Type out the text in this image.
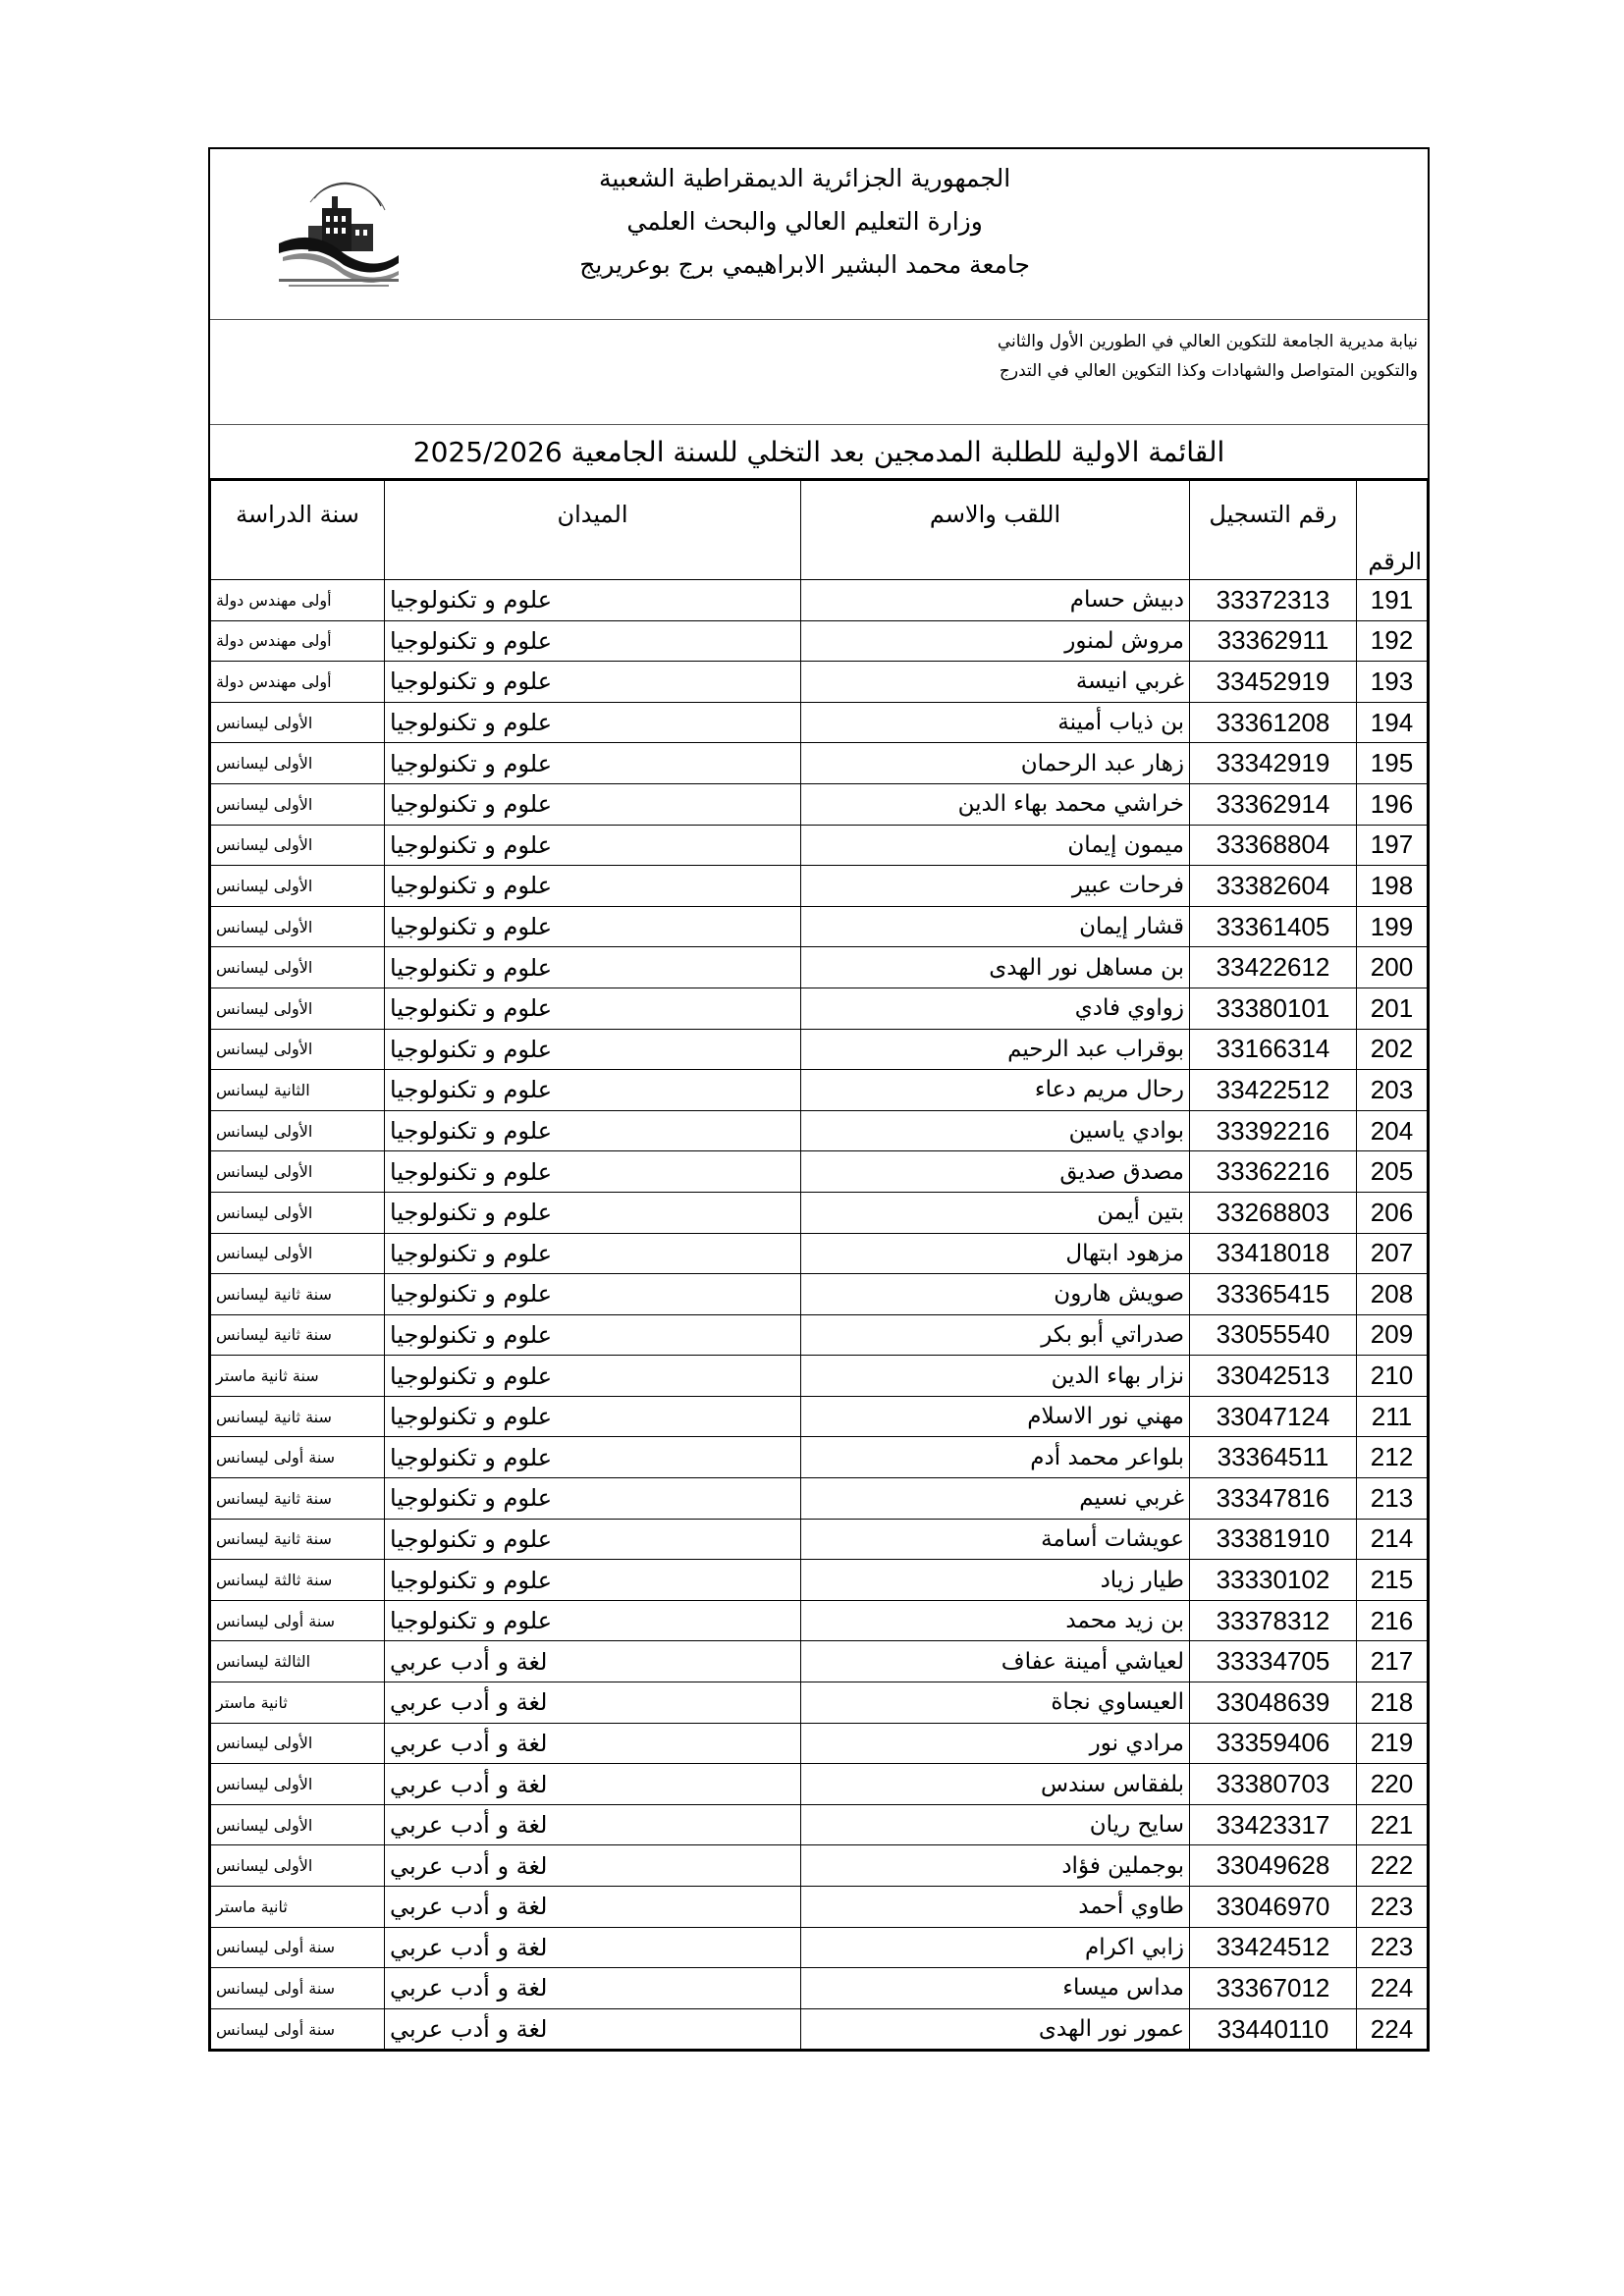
الجمهورية الجزائرية الديمقراطية الشعبية
وزارة التعليم العالي والبحث العلمي
جامعة محمد البشير الابراهيمي برج بوعريريج
نيابة مديرية الجامعة للتكوين العالي في الطورين الأول والثاني
والتكوين المتواصل والشهادات وكذا التكوين العالي في التدرج
القائمة الاولية للطلبة المدمجين بعد التخلي للسنة الجامعية 2025/2026
الرقم	رقم التسجيل	اللقب والاسم	الميدان	سنة الدراسة
191	33372313	دبيش حسام	علوم و تكنولوجيا	أولى مهندس دولة
192	33362911	مروش لمنور	علوم و تكنولوجيا	أولى مهندس دولة
193	33452919	غربي انيسة	علوم و تكنولوجيا	أولى مهندس دولة
194	33361208	بن ذياب أمينة	علوم و تكنولوجيا	الأولى ليسانس
195	33342919	زهار عبد الرحمان	علوم و تكنولوجيا	الأولى ليسانس
196	33362914	خراشي محمد بهاء الدين	علوم و تكنولوجيا	الأولى ليسانس
197	33368804	ميمون إيمان	علوم و تكنولوجيا	الأولى ليسانس
198	33382604	فرحات عبير	علوم و تكنولوجيا	الأولى ليسانس
199	33361405	قشار إيمان	علوم و تكنولوجيا	الأولى ليسانس
200	33422612	بن مساهل نور الهدى	علوم و تكنولوجيا	الأولى ليسانس
201	33380101	زواوي فادي	علوم و تكنولوجيا	الأولى ليسانس
202	33166314	بوقراب عبد الرحيم	علوم و تكنولوجيا	الأولى ليسانس
203	33422512	رحال مريم دعاء	علوم و تكنولوجيا	الثانية ليسانس
204	33392216	بوادي ياسين	علوم و تكنولوجيا	الأولى ليسانس
205	33362216	مصدق صديق	علوم و تكنولوجيا	الأولى ليسانس
206	33268803	بتين أيمن	علوم و تكنولوجيا	الأولى ليسانس
207	33418018	مزهود ابتهال	علوم و تكنولوجيا	الأولى ليسانس
208	33365415	صويش هارون	علوم و تكنولوجيا	سنة ثانية ليسانس
209	33055540	صدراتي أبو بكر	علوم و تكنولوجيا	سنة ثانية ليسانس
210	33042513	نزار بهاء الدين	علوم و تكنولوجيا	سنة ثانية ماستر
211	33047124	مهني نور الاسلام	علوم و تكنولوجيا	سنة ثانية ليسانس
212	33364511	بلواعر محمد أدم	علوم و تكنولوجيا	سنة أولى ليسانس
213	33347816	غربي نسيم	علوم و تكنولوجيا	سنة ثانية ليسانس
214	33381910	عويشات أسامة	علوم و تكنولوجيا	سنة ثانية ليسانس
215	33330102	طيار زياد	علوم و تكنولوجيا	سنة ثالثة ليسانس
216	33378312	بن زيد محمد	علوم و تكنولوجيا	سنة أولى ليسانس
217	33334705	لعياشي أمينة عفاف	لغة و أدب عربي	الثالثة ليسانس
218	33048639	العيساوي نجاة	لغة و أدب عربي	ثانية ماستر
219	33359406	مرادي نور	لغة و أدب عربي	الأولى ليسانس
220	33380703	بلفقاس سندس	لغة و أدب عربي	الأولى ليسانس
221	33423317	سايح ريان	لغة و أدب عربي	الأولى ليسانس
222	33049628	بوجملين فؤاد	لغة و أدب عربي	الأولى ليسانس
223	33046970	طاوي أحمد	لغة و أدب عربي	ثانية ماستر
223	33424512	زابي اكرام	لغة و أدب عربي	سنة أولى ليسانس
224	33367012	مداس ميساء	لغة و أدب عربي	سنة أولى ليسانس
224	33440110	عمور نور الهدى	لغة و أدب عربي	سنة أولى ليسانس
